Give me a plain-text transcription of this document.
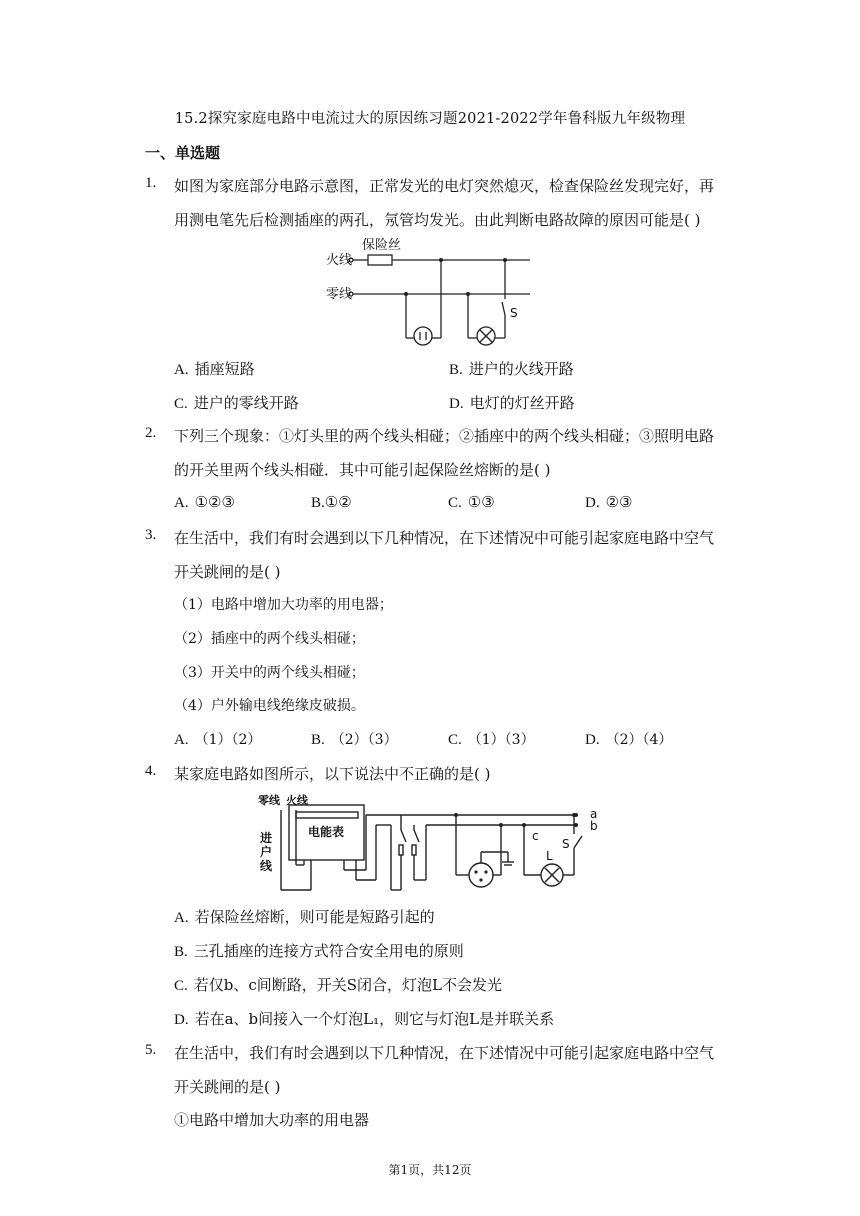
15.2探究家庭电路中电流过大的原因练习题2021-2022学年鲁科版九年级物理
一、单选题
1. 如图为家庭部分电路示意图，正常发光的电灯突然熄灭，检查保险丝发现完好，再
用测电笔先后检测插座的两孔，氖管均发光。由此判断电路故障的原因可能是( )
火线
零线
保险丝
S
A. 插座短路	B. 进户的火线开路
C. 进户的零线开路	D. 电灯的灯丝开路
2. 下列三个现象：①灯头里的两个线头相碰；②插座中的两个线头相碰；③照明电路
的开关里两个线头相碰．其中可能引起保险丝熔断的是( )
A. ①②③	B.①②	C. ①③	D. ②③
3. 在生活中，我们有时会遇到以下几种情况，在下述情况中可能引起家庭电路中空气
开关跳闸的是( )
（1）电路中增加大功率的用电器；
（2）插座中的两个线头相碰；
（3）开关中的两个线头相碰；
（4）户外输电线绝缘皮破损。
A. （1）（2）	B. （2）（3）	C. （1）（3）	D. （2）（4）
4. 某家庭电路如图所示，以下说法中不正确的是( )
零线 火线
电能表
进
户
线
a
b
c
L
S
A. 若保险丝熔断，则可能是短路引起的
B. 三孔插座的连接方式符合安全用电的原则
C. 若仅b、c间断路，开关S闭合，灯泡L不会发光
D. 若在a、b间接入一个灯泡L₁，则它与灯泡L是并联关系
5. 在生活中，我们有时会遇到以下几种情况，在下述情况中可能引起家庭电路中空气
开关跳闸的是( )
①电路中增加大功率的用电器
第1页，共12页
